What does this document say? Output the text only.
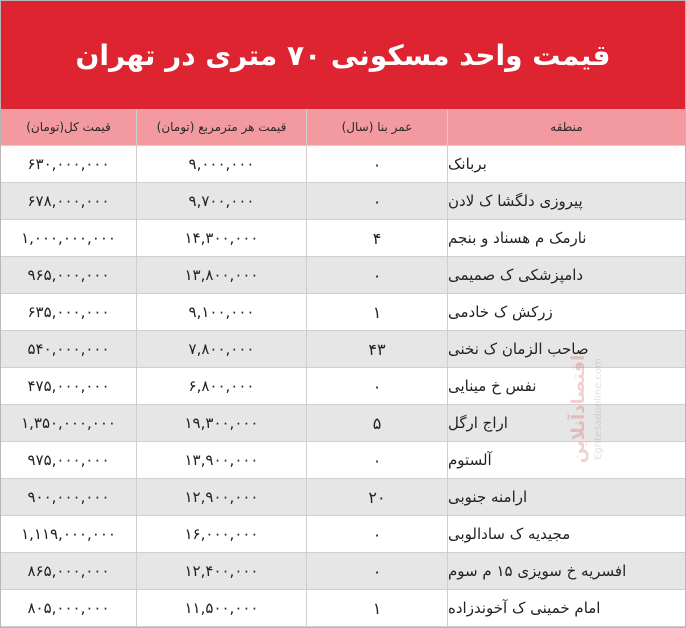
قیمت واحد مسکونی ۷۰ متری در تهران
قیمت کل(تومان)	قیمت هر مترمربع (تومان)	عمر بنا (سال)	منطقه
۶۳۰,۰۰۰,۰۰۰	۹,۰۰۰,۰۰۰	۰	بربانک
۶۷۸,۰۰۰,۰۰۰	۹,۷۰۰,۰۰۰	۰	پیروزی دلگشا ک لادن
۱,۰۰۰,۰۰۰,۰۰۰	۱۴,۳۰۰,۰۰۰	۴	نارمک م هسناد و بنجم
۹۶۵,۰۰۰,۰۰۰	۱۳,۸۰۰,۰۰۰	۰	دامپزشکی ک صمیمی
۶۳۵,۰۰۰,۰۰۰	۹,۱۰۰,۰۰۰	۱	زرکش ک خادمی
۵۴۰,۰۰۰,۰۰۰	۷,۸۰۰,۰۰۰	۴۳	صاحب الزمان ک نخنی
۴۷۵,۰۰۰,۰۰۰	۶,۸۰۰,۰۰۰	۰	نفس خ مینایی
۱,۳۵۰,۰۰۰,۰۰۰	۱۹,۳۰۰,۰۰۰	۵	اراج ارگل
۹۷۵,۰۰۰,۰۰۰	۱۳,۹۰۰,۰۰۰	۰	آلستوم
۹۰۰,۰۰۰,۰۰۰	۱۲,۹۰۰,۰۰۰	۲۰	ارامنه جنوبی
۱,۱۱۹,۰۰۰,۰۰۰	۱۶,۰۰۰,۰۰۰	۰	مجیدیه ک سادالوبی
۸۶۵,۰۰۰,۰۰۰	۱۲,۴۰۰,۰۰۰	۰	افسریه خ سویزی ۱۵ م سوم
۸۰۵,۰۰۰,۰۰۰	۱۱,۵۰۰,۰۰۰	۱	امام خمینی ک آخوندزاده
اقتصادآنلاین Eghtesadonline.com
